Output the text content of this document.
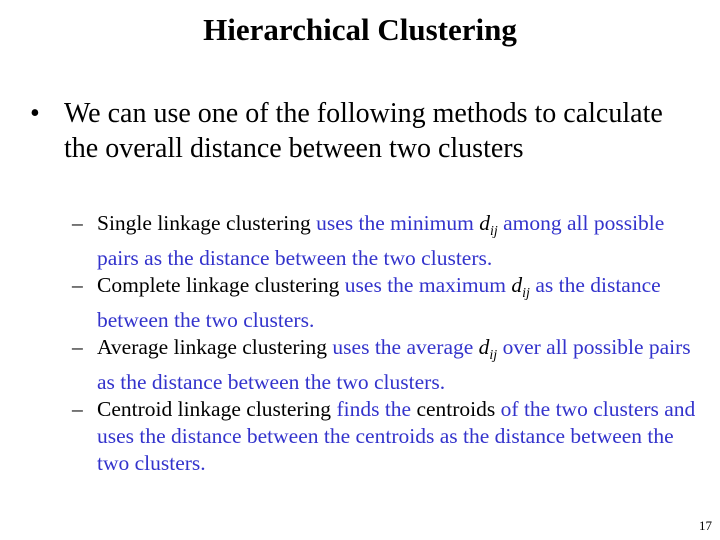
Hierarchical Clustering
• We can use one of the following methods to calculate the overall distance between two clusters
– Single linkage clustering uses the minimum $d_{ij}$ among all possible pairs as the distance between the two clusters.
– Complete linkage clustering uses the maximum $d_{ij}$ as the distance between the two clusters.
– Average linkage clustering uses the average $d_{ij}$ over all possible pairs as the distance between the two clusters.
– Centroid linkage clustering finds the centroids of the two clusters and uses the distance between the centroids as the distance between the two clusters.
17
